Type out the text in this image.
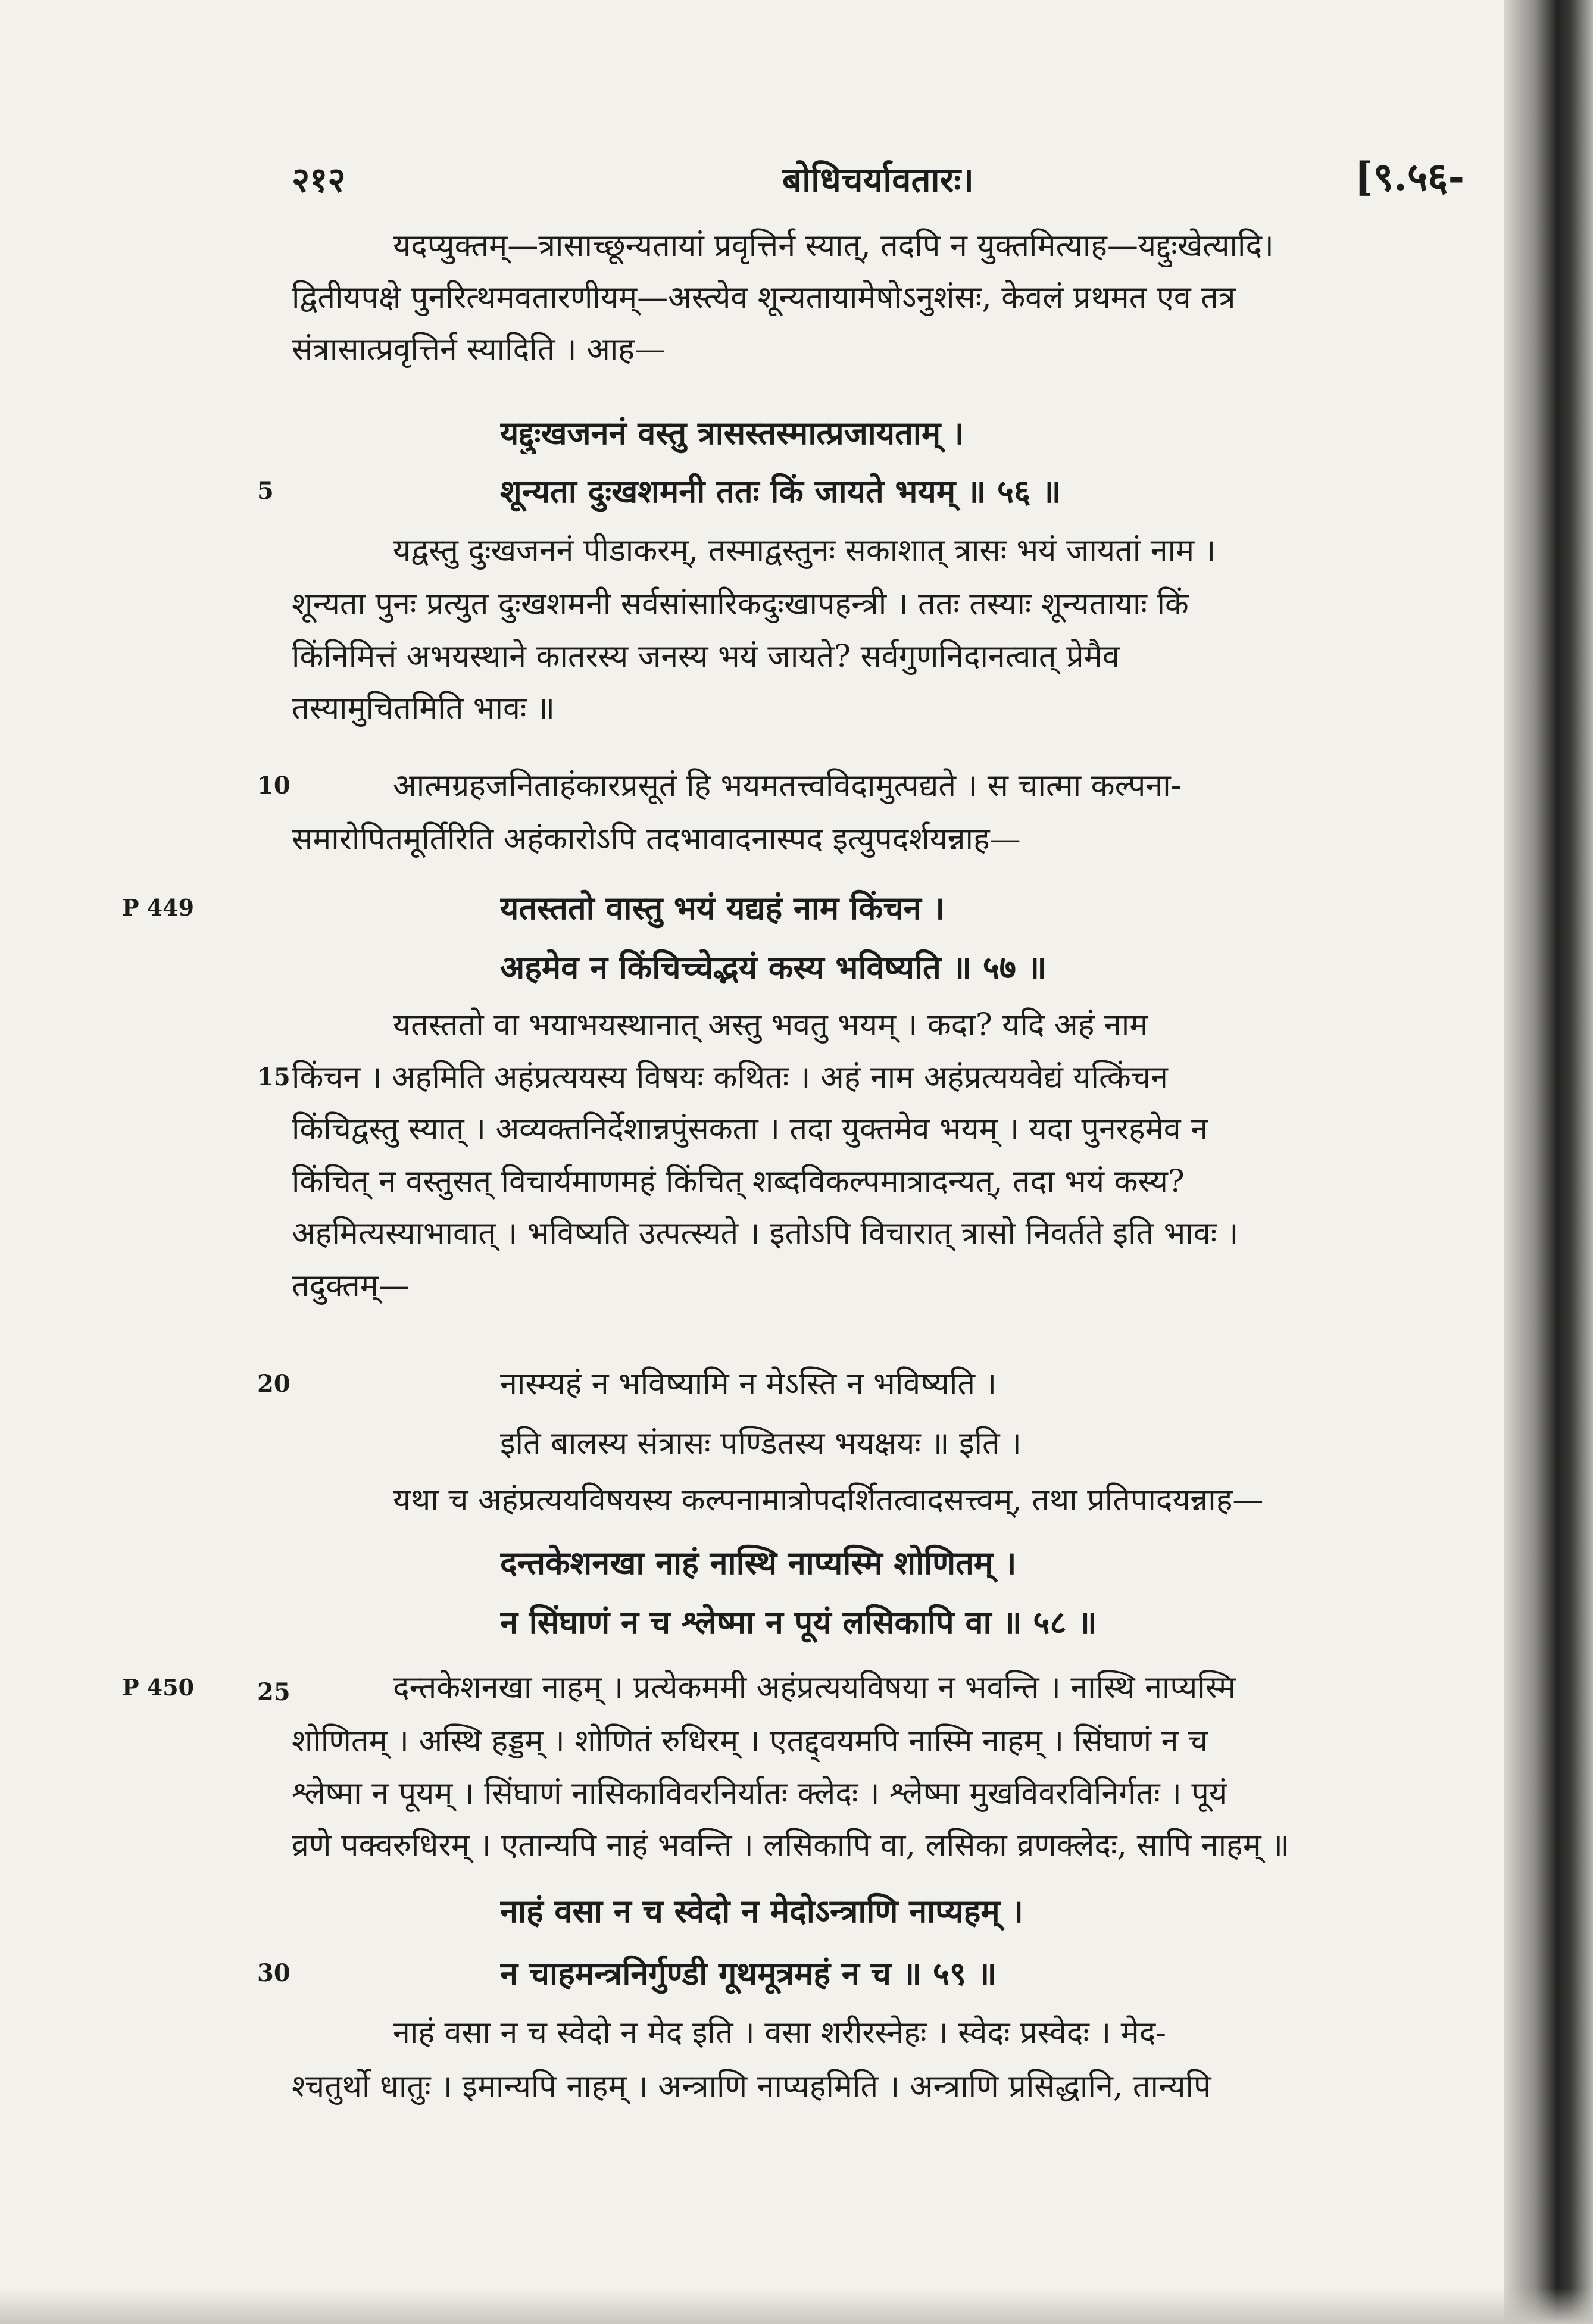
२१२	बोधिचर्यावतारः।	[९.५६-
यदप्युक्तम्—त्रासाच्छून्यतायां प्रवृत्तिर्न स्यात्, तदपि न युक्तमित्याह—यद्दुःखेत्यादि।
द्वितीयपक्षे पुनरित्थमवतारणीयम्—अस्त्येव शून्यतायामेषोऽनुशंसः, केवलं प्रथमत एव तत्र
संत्रासात्प्रवृत्तिर्न स्यादिति । आह—
यद्दुःखजननं वस्तु त्रासस्तस्मात्प्रजायताम् ।
शून्यता दुःखशमनी ततः किं जायते भयम् ॥ ५६ ॥
यद्वस्तु दुःखजननं पीडाकरम्, तस्माद्वस्तुनः सकाशात् त्रासः भयं जायतां नाम ।
शून्यता पुनः प्रत्युत दुःखशमनी सर्वसांसारिकदुःखापहन्त्री । ततः तस्याः शून्यतायाः किं
किंनिमित्तं अभयस्थाने कातरस्य जनस्य भयं जायते? सर्वगुणनिदानत्वात् प्रेमैव
तस्यामुचितमिति भावः ॥
आत्मग्रहजनिताहंकारप्रसूतं हि भयमतत्त्वविदामुत्पद्यते । स चात्मा कल्पना-
समारोपितमूर्तिरिति अहंकारोऽपि तदभावादनास्पद इत्युपदर्शयन्नाह—
यतस्ततो वास्तु भयं यद्यहं नाम किंचन ।
अहमेव न किंचिच्चेद्भयं कस्य भविष्यति ॥ ५७ ॥
यतस्ततो वा भयाभयस्थानात् अस्तु भवतु भयम् । कदा? यदि अहं नाम
किंचन । अहमिति अहंप्रत्ययस्य विषयः कथितः । अहं नाम अहंप्रत्ययवेद्यं यत्किंचन
किंचिद्वस्तु स्यात् । अव्यक्तनिर्देशान्नपुंसकता । तदा युक्तमेव भयम् । यदा पुनरहमेव न
किंचित् न वस्तुसत् विचार्यमाणमहं किंचित् शब्दविकल्पमात्रादन्यत्, तदा भयं कस्य?
अहमित्यस्याभावात् । भविष्यति उत्पत्स्यते । इतोऽपि विचारात् त्रासो निवर्तते इति भावः ।
तदुक्तम्—
नास्म्यहं न भविष्यामि न मेऽस्ति न भविष्यति ।
इति बालस्य संत्रासः पण्डितस्य भयक्षयः ॥ इति ।
यथा च अहंप्रत्ययविषयस्य कल्पनामात्रोपदर्शितत्वादसत्त्वम्, तथा प्रतिपादयन्नाह—
दन्तकेशनखा नाहं नास्थि नाप्यस्मि शोणितम् ।
न सिंघाणं न च श्लेष्मा न पूयं लसिकापि वा ॥ ५८ ॥
दन्तकेशनखा नाहम् । प्रत्येकममी अहंप्रत्ययविषया न भवन्ति । नास्थि नाप्यस्मि
शोणितम् । अस्थि हड्डम् । शोणितं रुधिरम् । एतद्द्वयमपि नास्मि नाहम् । सिंघाणं न च
श्लेष्मा न पूयम् । सिंघाणं नासिकाविवरनिर्यातः क्लेदः । श्लेष्मा मुखविवरविनिर्गतः । पूयं
व्रणे पक्वरुधिरम् । एतान्यपि नाहं भवन्ति । लसिकापि वा, लसिका व्रणक्लेदः, सापि नाहम् ॥
नाहं वसा न च स्वेदो न मेदोऽन्त्राणि नाप्यहम् ।
न चाहमन्त्रनिर्गुण्डी गूथमूत्रमहं न च ॥ ५९ ॥
नाहं वसा न च स्वेदो न मेद इति । वसा शरीरस्नेहः । स्वेदः प्रस्वेदः । मेद-
श्चतुर्थो धातुः । इमान्यपि नाहम् । अन्त्राणि नाप्यहमिति । अन्त्राणि प्रसिद्धानि, तान्यपि
5
10
15
20
25
30
P 449
P 450
